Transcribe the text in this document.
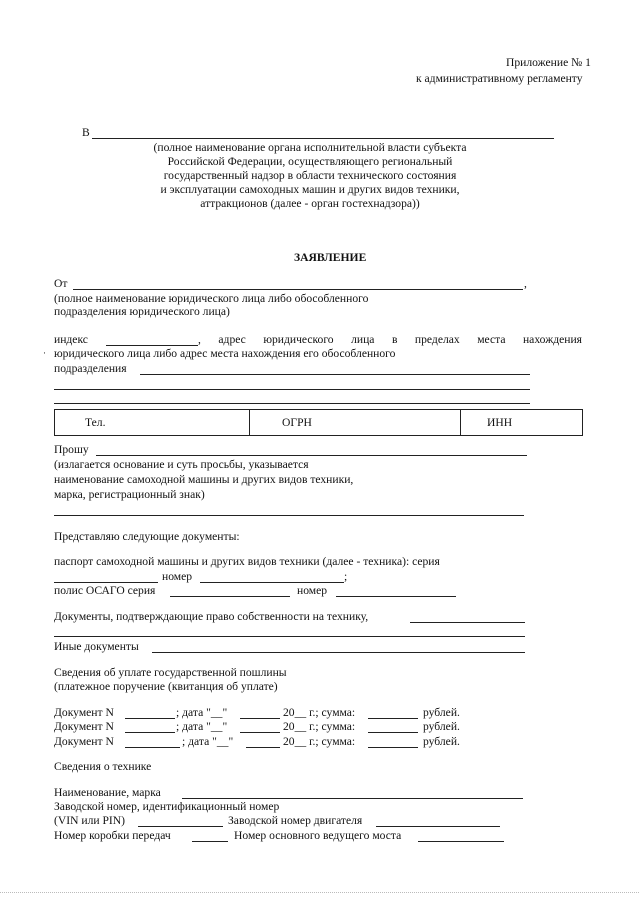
Приложение № 1
к административному регламенту
В
(полное наименование органа исполнительной власти субъекта
Российской Федерации, осуществляющего региональный
государственный надзор в области технического состояния
и эксплуатации самоходных машин и других видов техники,
аттракционов (далее - орган гостехнадзора))
ЗАЯВЛЕНИЕ
От	,
(полное наименование юридического лица либо обособленного
подразделения юридического лица)
индекс	, адрес юридического лица в пределах места нахождения
юридического лица либо адрес места нахождения его обособленного
подразделения
·
Тел.	ОГРН	ИНН
Прошу
(излагается основание и суть просьбы, указывается
наименование самоходной машины и других видов техники,
марка, регистрационный знак)
Представляю следующие документы:
паспорт самоходной машины и других видов техники (далее - техника): серия
номер	;
полис ОСАГО серия	номер
Документы, подтверждающие право собственности на технику,
Иные документы
Сведения об уплате государственной пошлины
(платежное поручение (квитанция об уплате)
Документ N	; дата "__"	20__ г.; сумма:	рублей.
Документ N	; дата "__"	20__ г.; сумма:	рублей.
Документ N	; дата "__"	20__ г.; сумма:	рублей.
Сведения о технике
Наименование, марка
Заводской номер, идентификационный номер
(VIN или PIN)	Заводской номер двигателя
Номер коробки передач	Номер основного ведущего моста
